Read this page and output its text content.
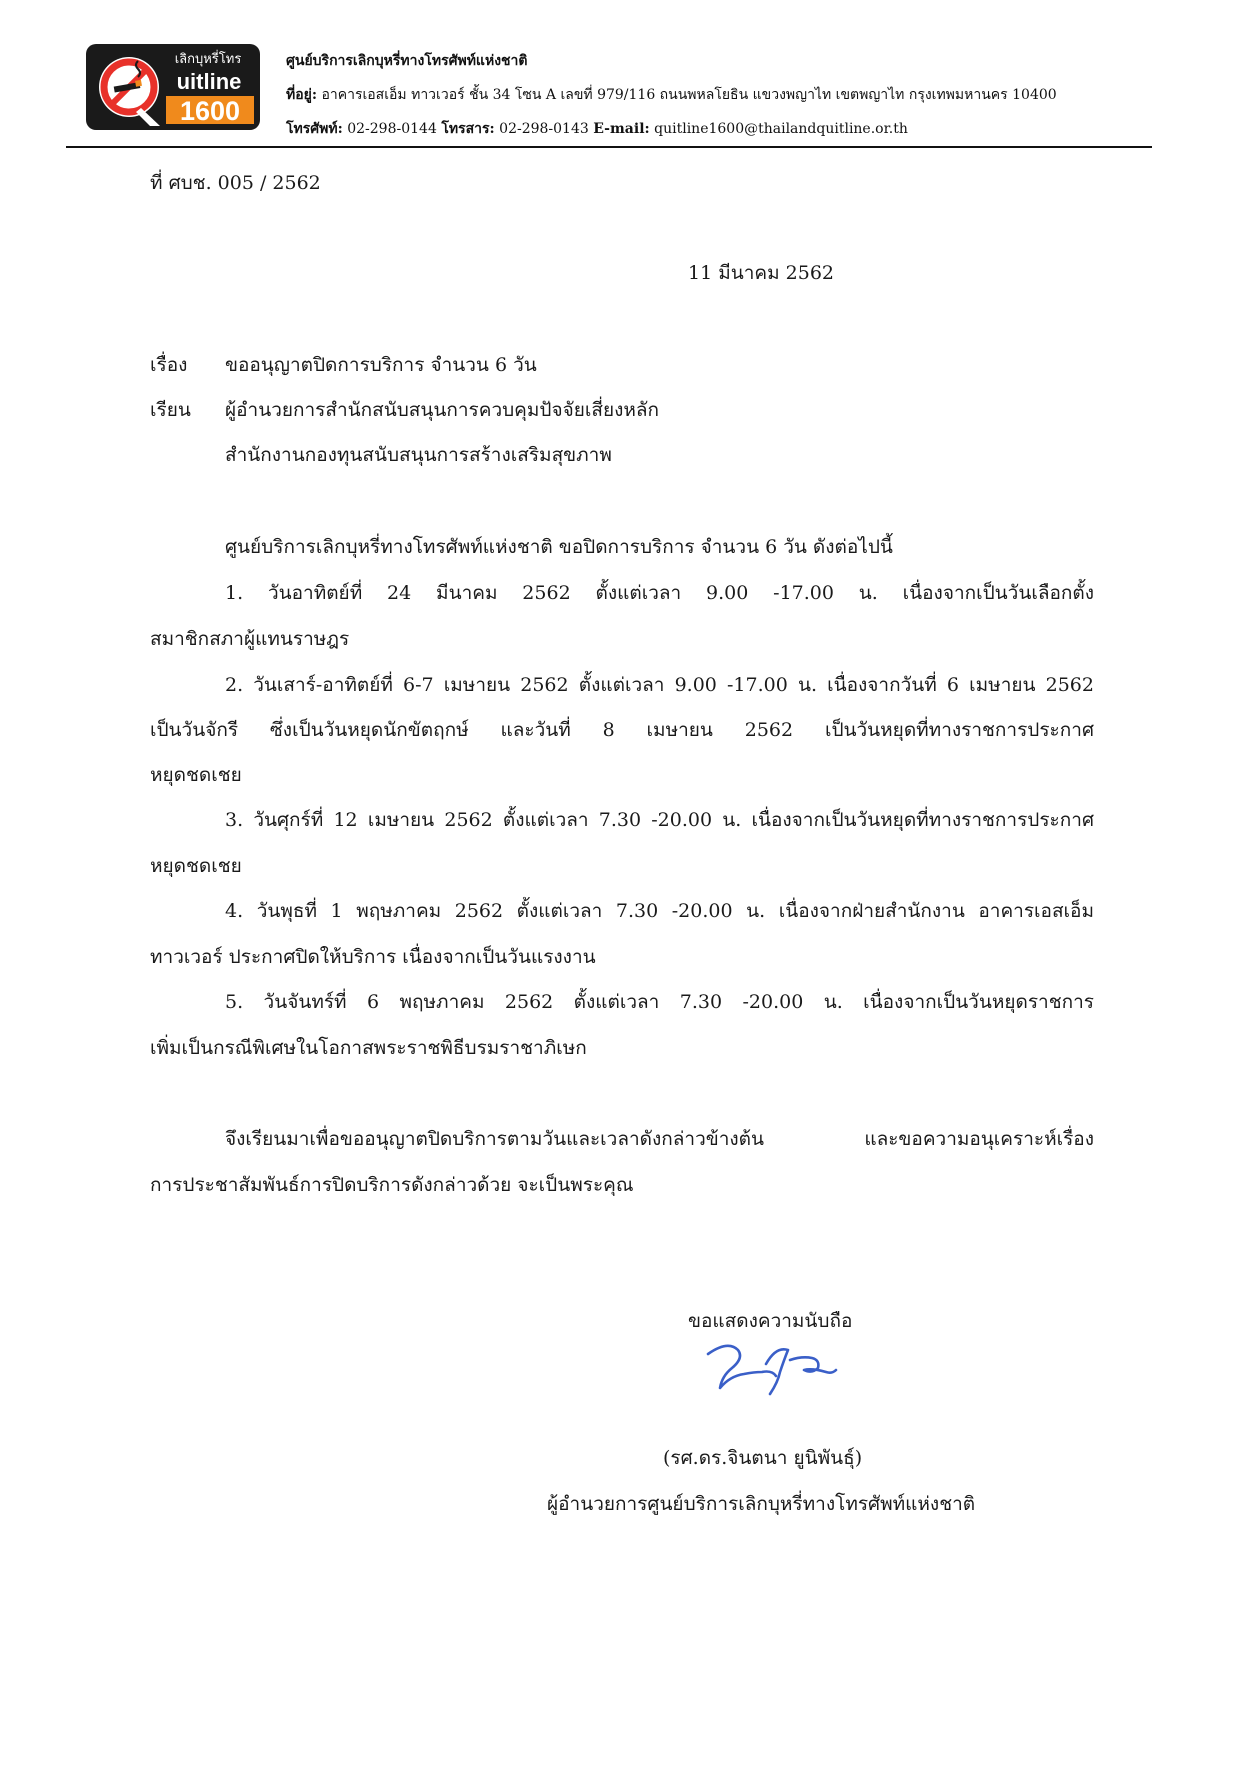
เลิกบุหรี่โทร
uitline
1600
ศูนย์บริการเลิกบุหรี่ทางโทรศัพท์แห่งชาติ
ที่อยู่: อาคารเอสเอ็ม ทาวเวอร์ ชั้น 34 โซน A เลขที่ 979/116 ถนนพหลโยธิน แขวงพญาไท เขตพญาไท กรุงเทพมหานคร 10400
โทรศัพท์: 02-298-0144 โทรสาร: 02-298-0143 E-mail: quitline1600@thailandquitline.or.th
ที่ ศบช. 005 / 2562
11 มีนาคม 2562
เรื่อง ขออนุญาตปิดการบริการ จำนวน 6 วัน
เรียน ผู้อำนวยการสำนักสนับสนุนการควบคุมปัจจัยเสี่ยงหลัก
สำนักงานกองทุนสนับสนุนการสร้างเสริมสุขภาพ
ศูนย์บริการเลิกบุหรี่ทางโทรศัพท์แห่งชาติ ขอปิดการบริการ จำนวน 6 วัน ดังต่อไปนี้
1. วันอาทิตย์ที่ 24 มีนาคม 2562 ตั้งแต่เวลา 9.00 -17.00 น. เนื่องจากเป็นวันเลือกตั้ง
สมาชิกสภาผู้แทนราษฎร
2. วันเสาร์-อาทิตย์ที่ 6-7 เมษายน 2562 ตั้งแต่เวลา 9.00 -17.00 น. เนื่องจากวันที่ 6 เมษายน 2562
เป็นวันจักรี ซึ่งเป็นวันหยุดนักขัตฤกษ์ และวันที่ 8 เมษายน 2562 เป็นวันหยุดที่ทางราชการประกาศ
หยุดชดเชย
3. วันศุกร์ที่ 12 เมษายน 2562 ตั้งแต่เวลา 7.30 -20.00 น. เนื่องจากเป็นวันหยุดที่ทางราชการประกาศ
หยุดชดเชย
4. วันพุธที่ 1 พฤษภาคม 2562 ตั้งแต่เวลา 7.30 -20.00 น. เนื่องจากฝ่ายสำนักงาน อาคารเอสเอ็ม
ทาวเวอร์ ประกาศปิดให้บริการ เนื่องจากเป็นวันแรงงาน
5. วันจันทร์ที่ 6 พฤษภาคม 2562 ตั้งแต่เวลา 7.30 -20.00 น. เนื่องจากเป็นวันหยุดราชการ
เพิ่มเป็นกรณีพิเศษในโอกาสพระราชพิธีบรมราชาภิเษก
จึงเรียนมาเพื่อขออนุญาตปิดบริการตามวันและเวลาดังกล่าวข้างต้น และขอความอนุเคราะห์เรื่อง
การประชาสัมพันธ์การปิดบริการดังกล่าวด้วย จะเป็นพระคุณ
ขอแสดงความนับถือ
(รศ.ดร.จินตนา ยูนิพันธุ์)
ผู้อำนวยการศูนย์บริการเลิกบุหรี่ทางโทรศัพท์แห่งชาติ
